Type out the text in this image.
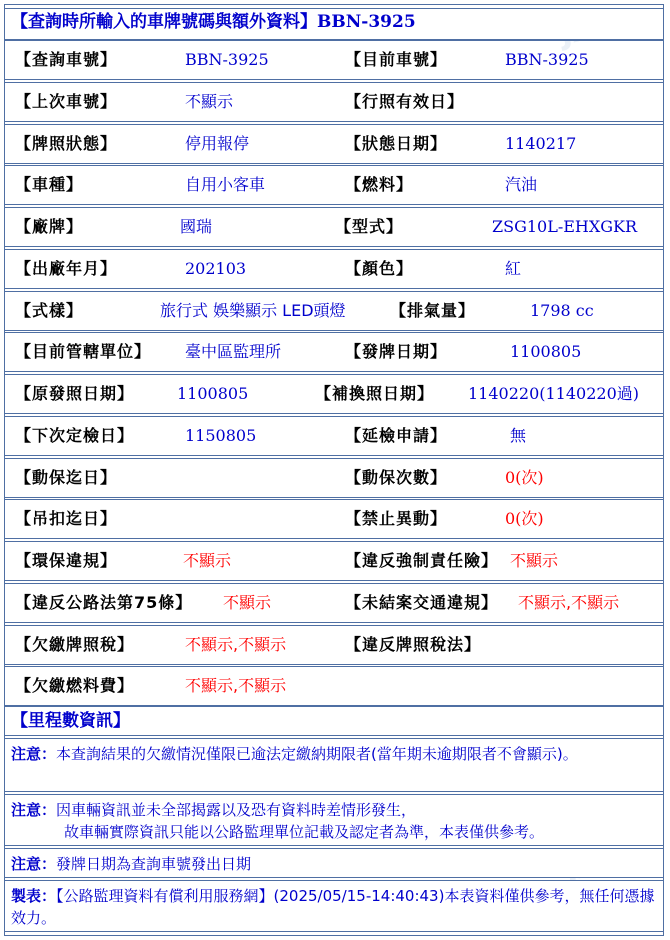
【查詢時所輸入的車牌號碼與額外資料】BBN-3925
【查詢車號】	BBN-3925	【目前車號】	BBN-3925
【上次車號】	不顯示	【行照有效日】
【牌照狀態】	停用報停	【狀態日期】	1140217
【車種】	自用小客車	【燃料】	汽油
【廠牌】	國瑞	【型式】	ZSG10L-EHXGKR
【出廠年月】	202103	【顏色】	紅
【式樣】	旅行式 娛樂顯示 LED頭燈	【排氣量】	1798 cc
【目前管轄單位】 臺中區監理所	【發牌日期】	1100805
【原發照日期】	1100805	【補換照日期】 1140220(1140220過)
【下次定檢日】	1150805	【延檢申請】	無
【動保迄日】	【動保次數】	0(次)
【吊扣迄日】	【禁止異動】	0(次)
【環保違規】	不顯示	【違反強制責任險】 不顯示
【違反公路法第75條】 不顯示	【未結案交通違規】 不顯示,不顯示
【欠繳牌照稅】	不顯示,不顯示	【違反牌照稅法】
【欠繳燃料費】	不顯示,不顯示
【里程數資訊】
注意：本查詢結果的欠繳情況僅限已逾法定繳納期限者(當年期未逾期限者不會顯示)。
注意：因車輛資訊並未全部揭露以及恐有資料時差情形發生，
故車輛實際資訊只能以公路監理單位記載及認定者為準，本表僅供參考。
注意：發牌日期為查詢車號發出日期
製表：【公路監理資料有償利用服務網】(2025/05/15-14:40:43)本表資料僅供參考，無任何憑據效力。
